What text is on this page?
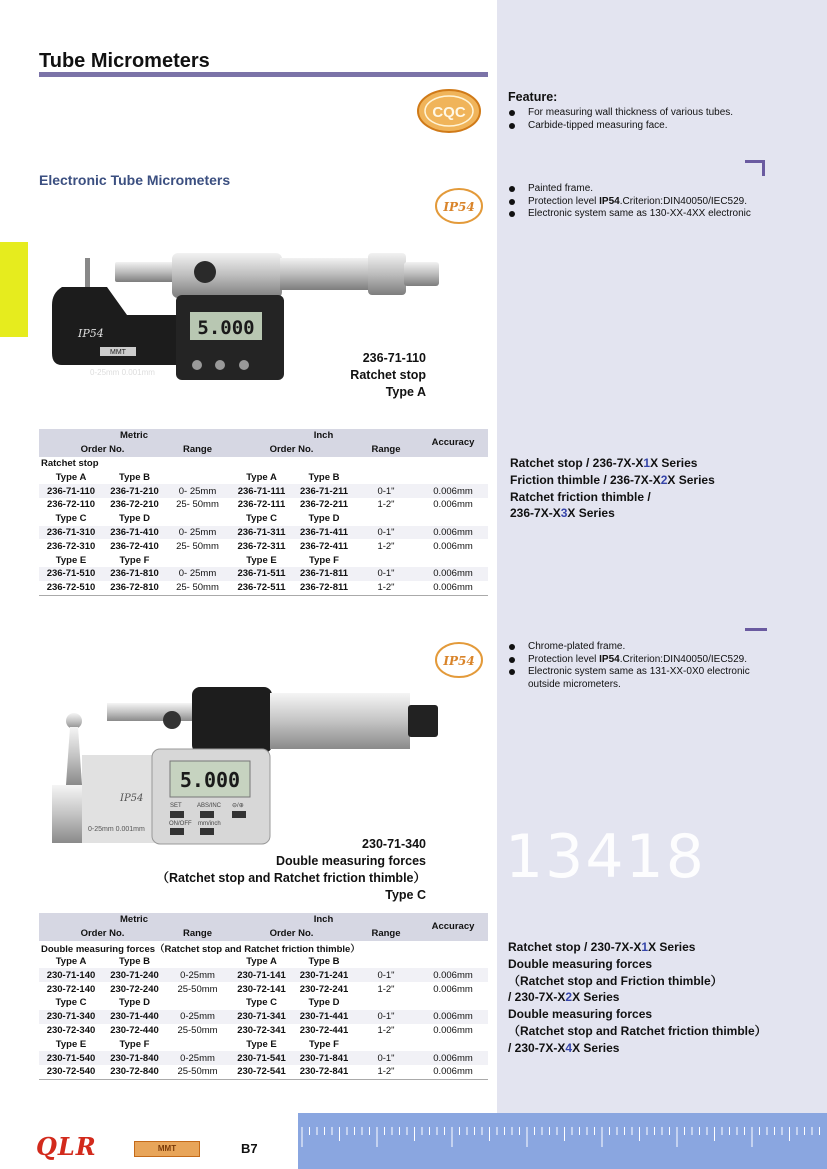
Tube Micrometers
CQC
Electronic Tube Micrometers
IP54
Feature:
For measuring wall thickness of various tubes.
Carbide-tipped measuring face.
Painted frame.
Protection level IP54.Criterion:DIN40050/IEC529.
Electronic system same as 130-XX-4XX electronic
5.000
IP54
MMT
0-25mm 0.001mm
236-71-110
Ratchet stop
Type A
Metric			Inch			Accuracy
Order No.		Range	Order No.		Range	
Ratchet stop						
Type A	Type B		Type A	Type B		
236-71-110	236-71-210	0- 25mm	236-71-111	236-71-211	0-1"	0.006mm
236-72-110	236-72-210	25- 50mm	236-72-111	236-72-211	1-2"	0.006mm
Type C	Type D		Type C	Type D		
236-71-310	236-71-410	0- 25mm	236-71-311	236-71-411	0-1"	0.006mm
236-72-310	236-72-410	25- 50mm	236-72-311	236-72-411	1-2"	0.006mm
Type E	Type F		Type E	Type F		
236-71-510	236-71-810	0- 25mm	236-71-511	236-71-811	0-1"	0.006mm
236-72-510	236-72-810	25- 50mm	236-72-511	236-72-811	1-2"	0.006mm
Ratchet stop / 236-7X-X1X Series
Friction thimble / 236-7X-X2X Series
Ratchet friction thimble /
236-7X-X3X Series
IP54
Chrome-plated frame.
Protection level IP54.Criterion:DIN40050/IEC529.
Electronic system same as 131-XX-0X0 electronic
outside micrometers.
5.000
IP54
SET	ABS/INC ⊖/⊕
ON/OFF mm/inch
0-25mm 0.001mm
230-71-340
Double measuring forces
（Ratchet stop and Ratchet friction thimble）
Type C
13418
Metric			Inch			Accuracy
Order No.		Range	Order No.		Range	
Double measuring forces（Ratchet stop and Ratchet friction thimble）						
Type A	Type B		Type A	Type B		
230-71-140	230-71-240	0-25mm	230-71-141	230-71-241	0-1"	0.006mm
230-72-140	230-72-240	25-50mm	230-72-141	230-72-241	1-2"	0.006mm
Type C	Type D		Type C	Type D		
230-71-340	230-71-440	0-25mm	230-71-341	230-71-441	0-1"	0.006mm
230-72-340	230-72-440	25-50mm	230-72-341	230-72-441	1-2"	0.006mm
Type E	Type F		Type E	Type F		
230-71-540	230-71-840	0-25mm	230-71-541	230-71-841	0-1"	0.006mm
230-72-540	230-72-840	25-50mm	230-72-541	230-72-841	1-2"	0.006mm
Ratchet stop / 230-7X-X1X Series
Double measuring forces
（Ratchet stop and Friction thimble）
/ 230-7X-X2X Series
Double measuring forces
（Ratchet stop and Ratchet friction thimble）
/ 230-7X-X4X Series
QLR	MMT	B7
